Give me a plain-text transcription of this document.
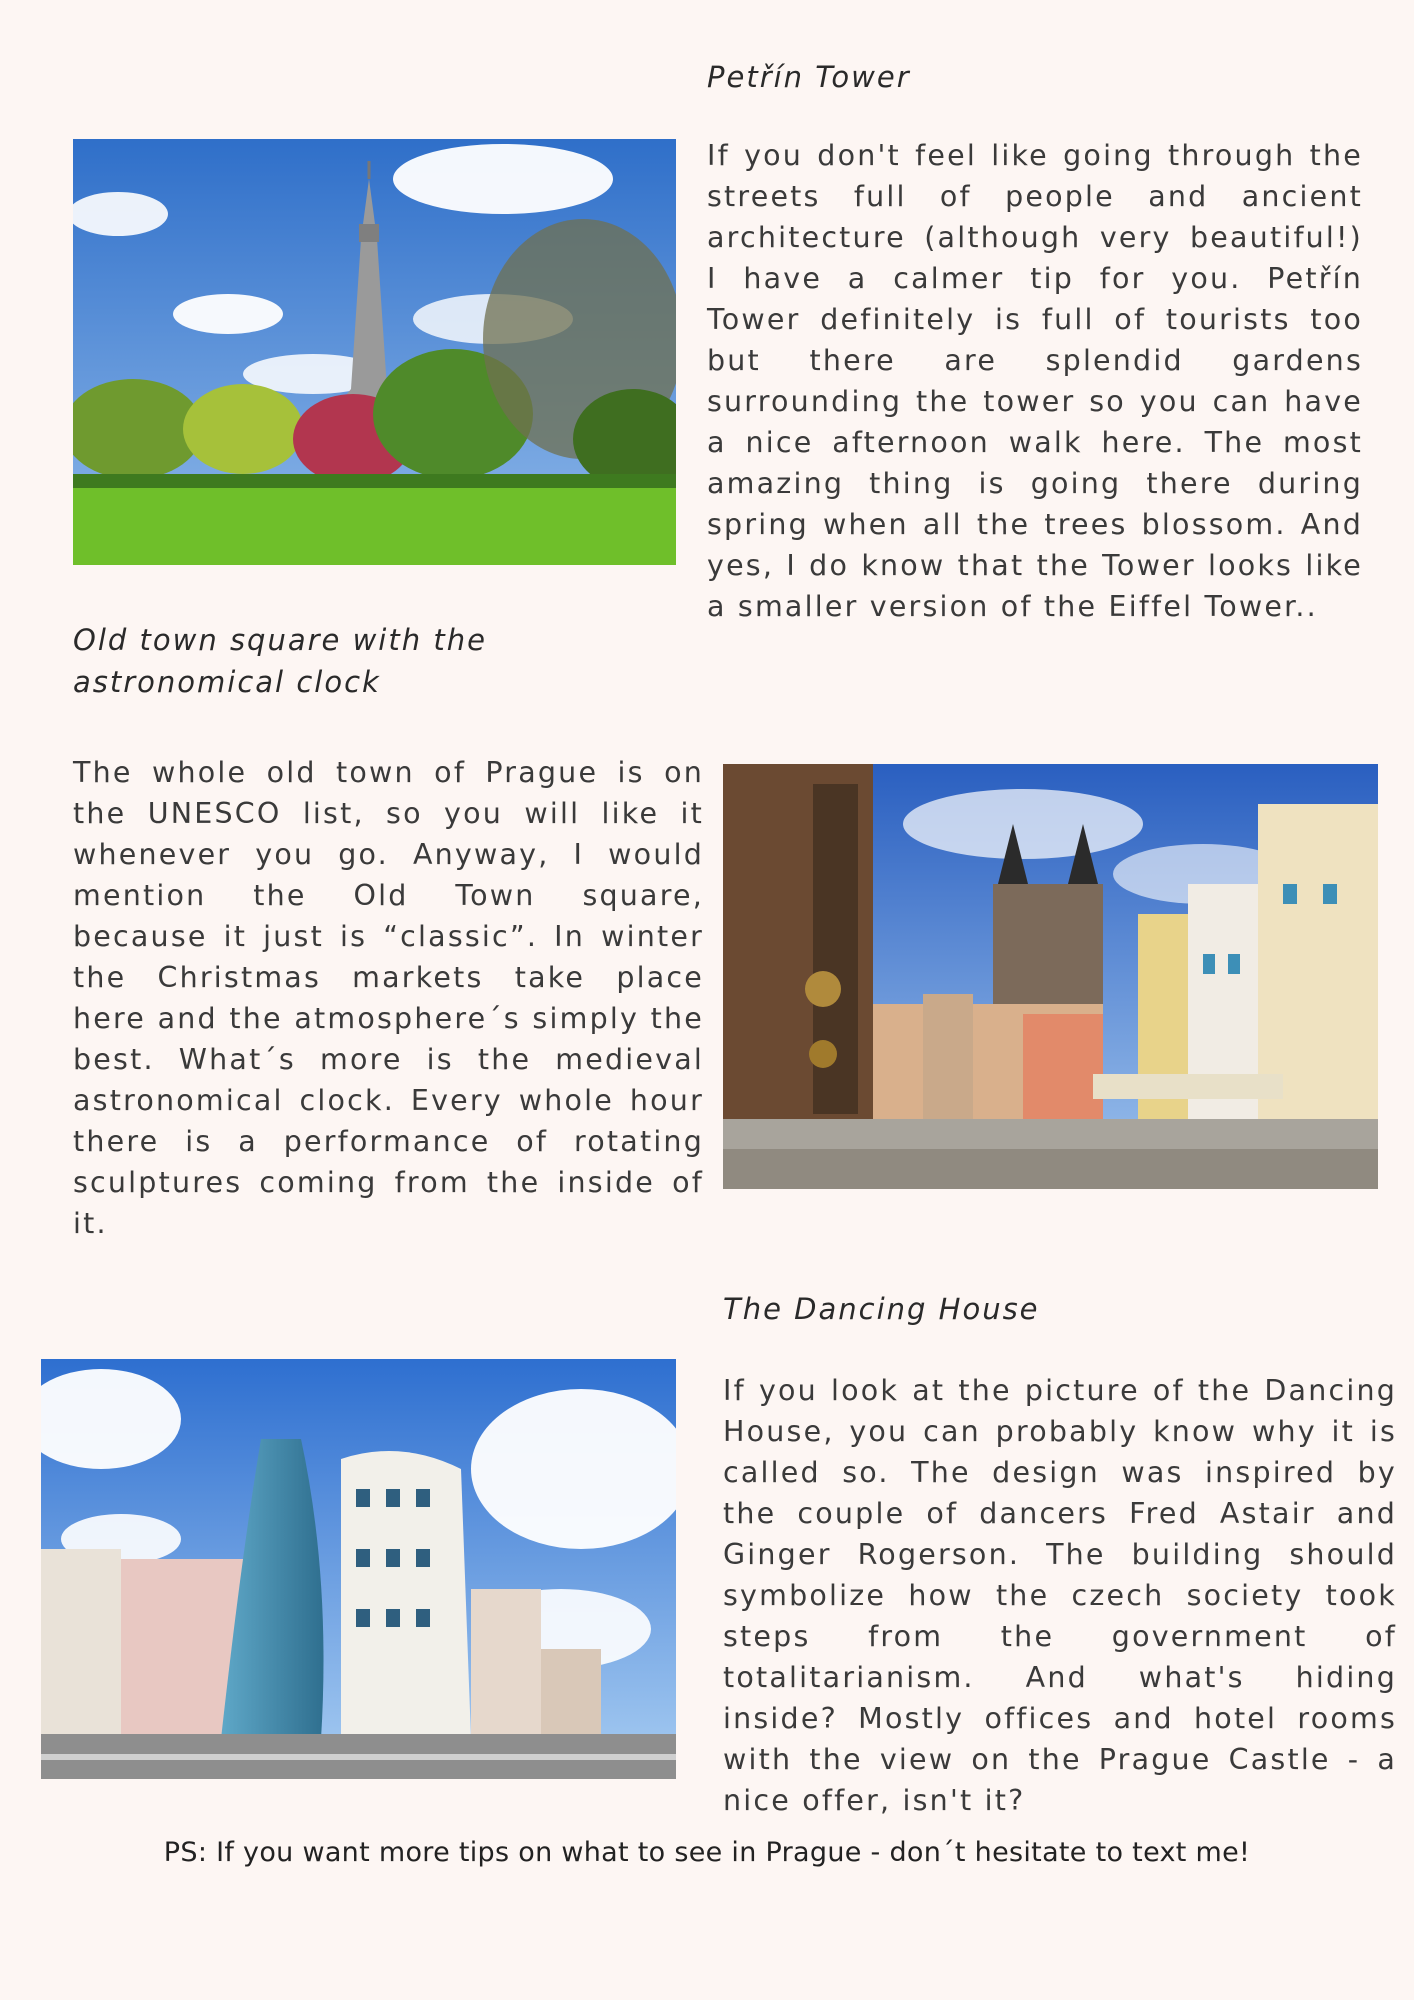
Petřín Tower

If you don't feel like going through the streets full of people and ancient architecture (although very beautiful!) I have a calmer tip for you. Petřín Tower definitely is full of tourists too but there are splendid gardens surrounding the tower so you can have a nice afternoon walk here. The most amazing thing is going there during spring when all the trees blossom. And yes, I do know that the Tower looks like a smaller version of the Eiffel Tower..

Old town square with the
astronomical clock

The whole old town of Prague is on the UNESCO list, so you will like it whenever you go. Anyway, I would mention the Old Town square, because it just is “classic”. In winter the Christmas markets take place here and the atmosphere´s simply the best. What´s more is the medieval astronomical clock. Every whole hour there is a performance of rotating sculptures coming from the inside of it.

The Dancing House

If you look at the picture of the Dancing House, you can probably know why it is called so. The design was inspired by the couple of dancers Fred Astair and Ginger Rogerson. The building should symbolize how the czech society took steps from the government of totalitarianism. And what's hiding inside? Mostly offices and hotel rooms with the view on the Prague Castle - a nice offer, isn't it?

PS: If you want more tips on what to see in Prague - don´t hesitate to text me!
